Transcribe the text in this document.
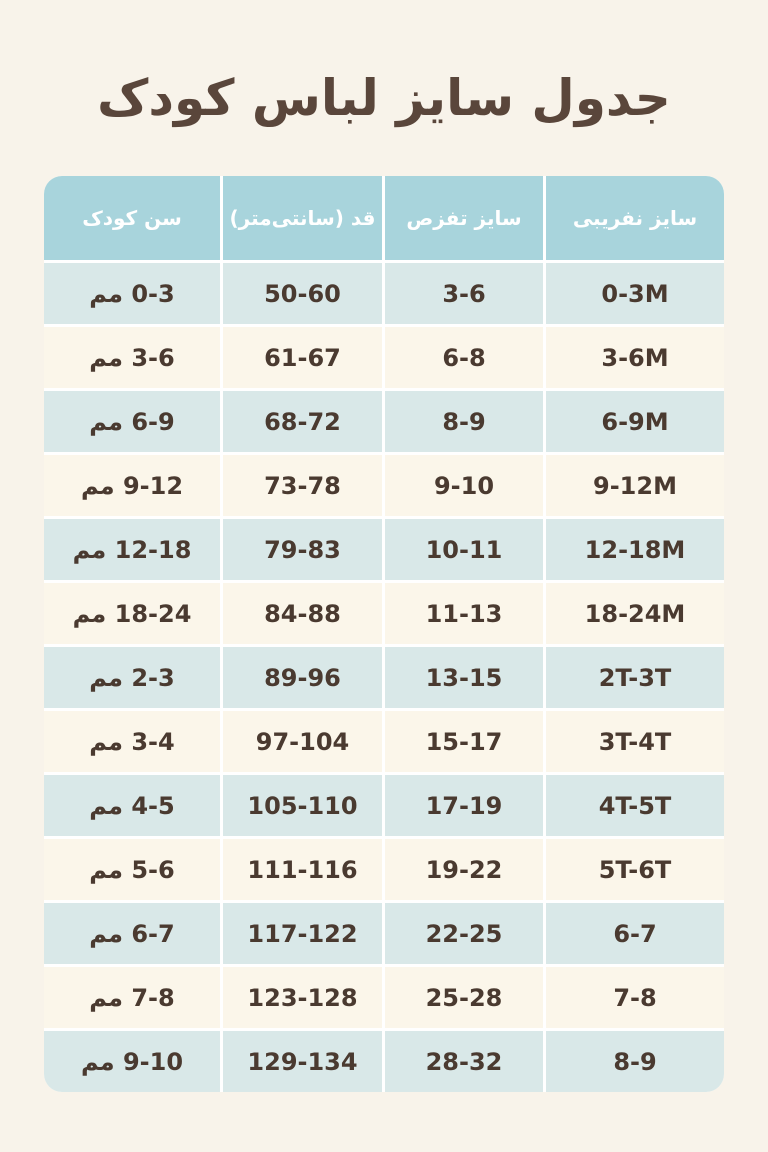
جدول سایز لباس کودک
سایز نفریبی	سایز تفزص	قد (سانتی‌متر)	سن کودک
0-3M	3-6	50-60	0-3 مم
3-6M	6-8	61-67	3-6 مم
6-9M	8-9	68-72	6-9 مم
9-12M	9-10	73-78	9-12 مم
12-18M	10-11	79-83	12-18 مم
18-24M	11-13	84-88	18-24 مم
2T-3T	13-15	89-96	2-3 مم
3T-4T	15-17	97-104	3-4 مم
4T-5T	17-19	105-110	4-5 مم
5T-6T	19-22	111-116	5-6 مم
6-7	22-25	117-122	6-7 مم
7-8	25-28	123-128	7-8 مم
8-9	28-32	129-134	9-10 مم
